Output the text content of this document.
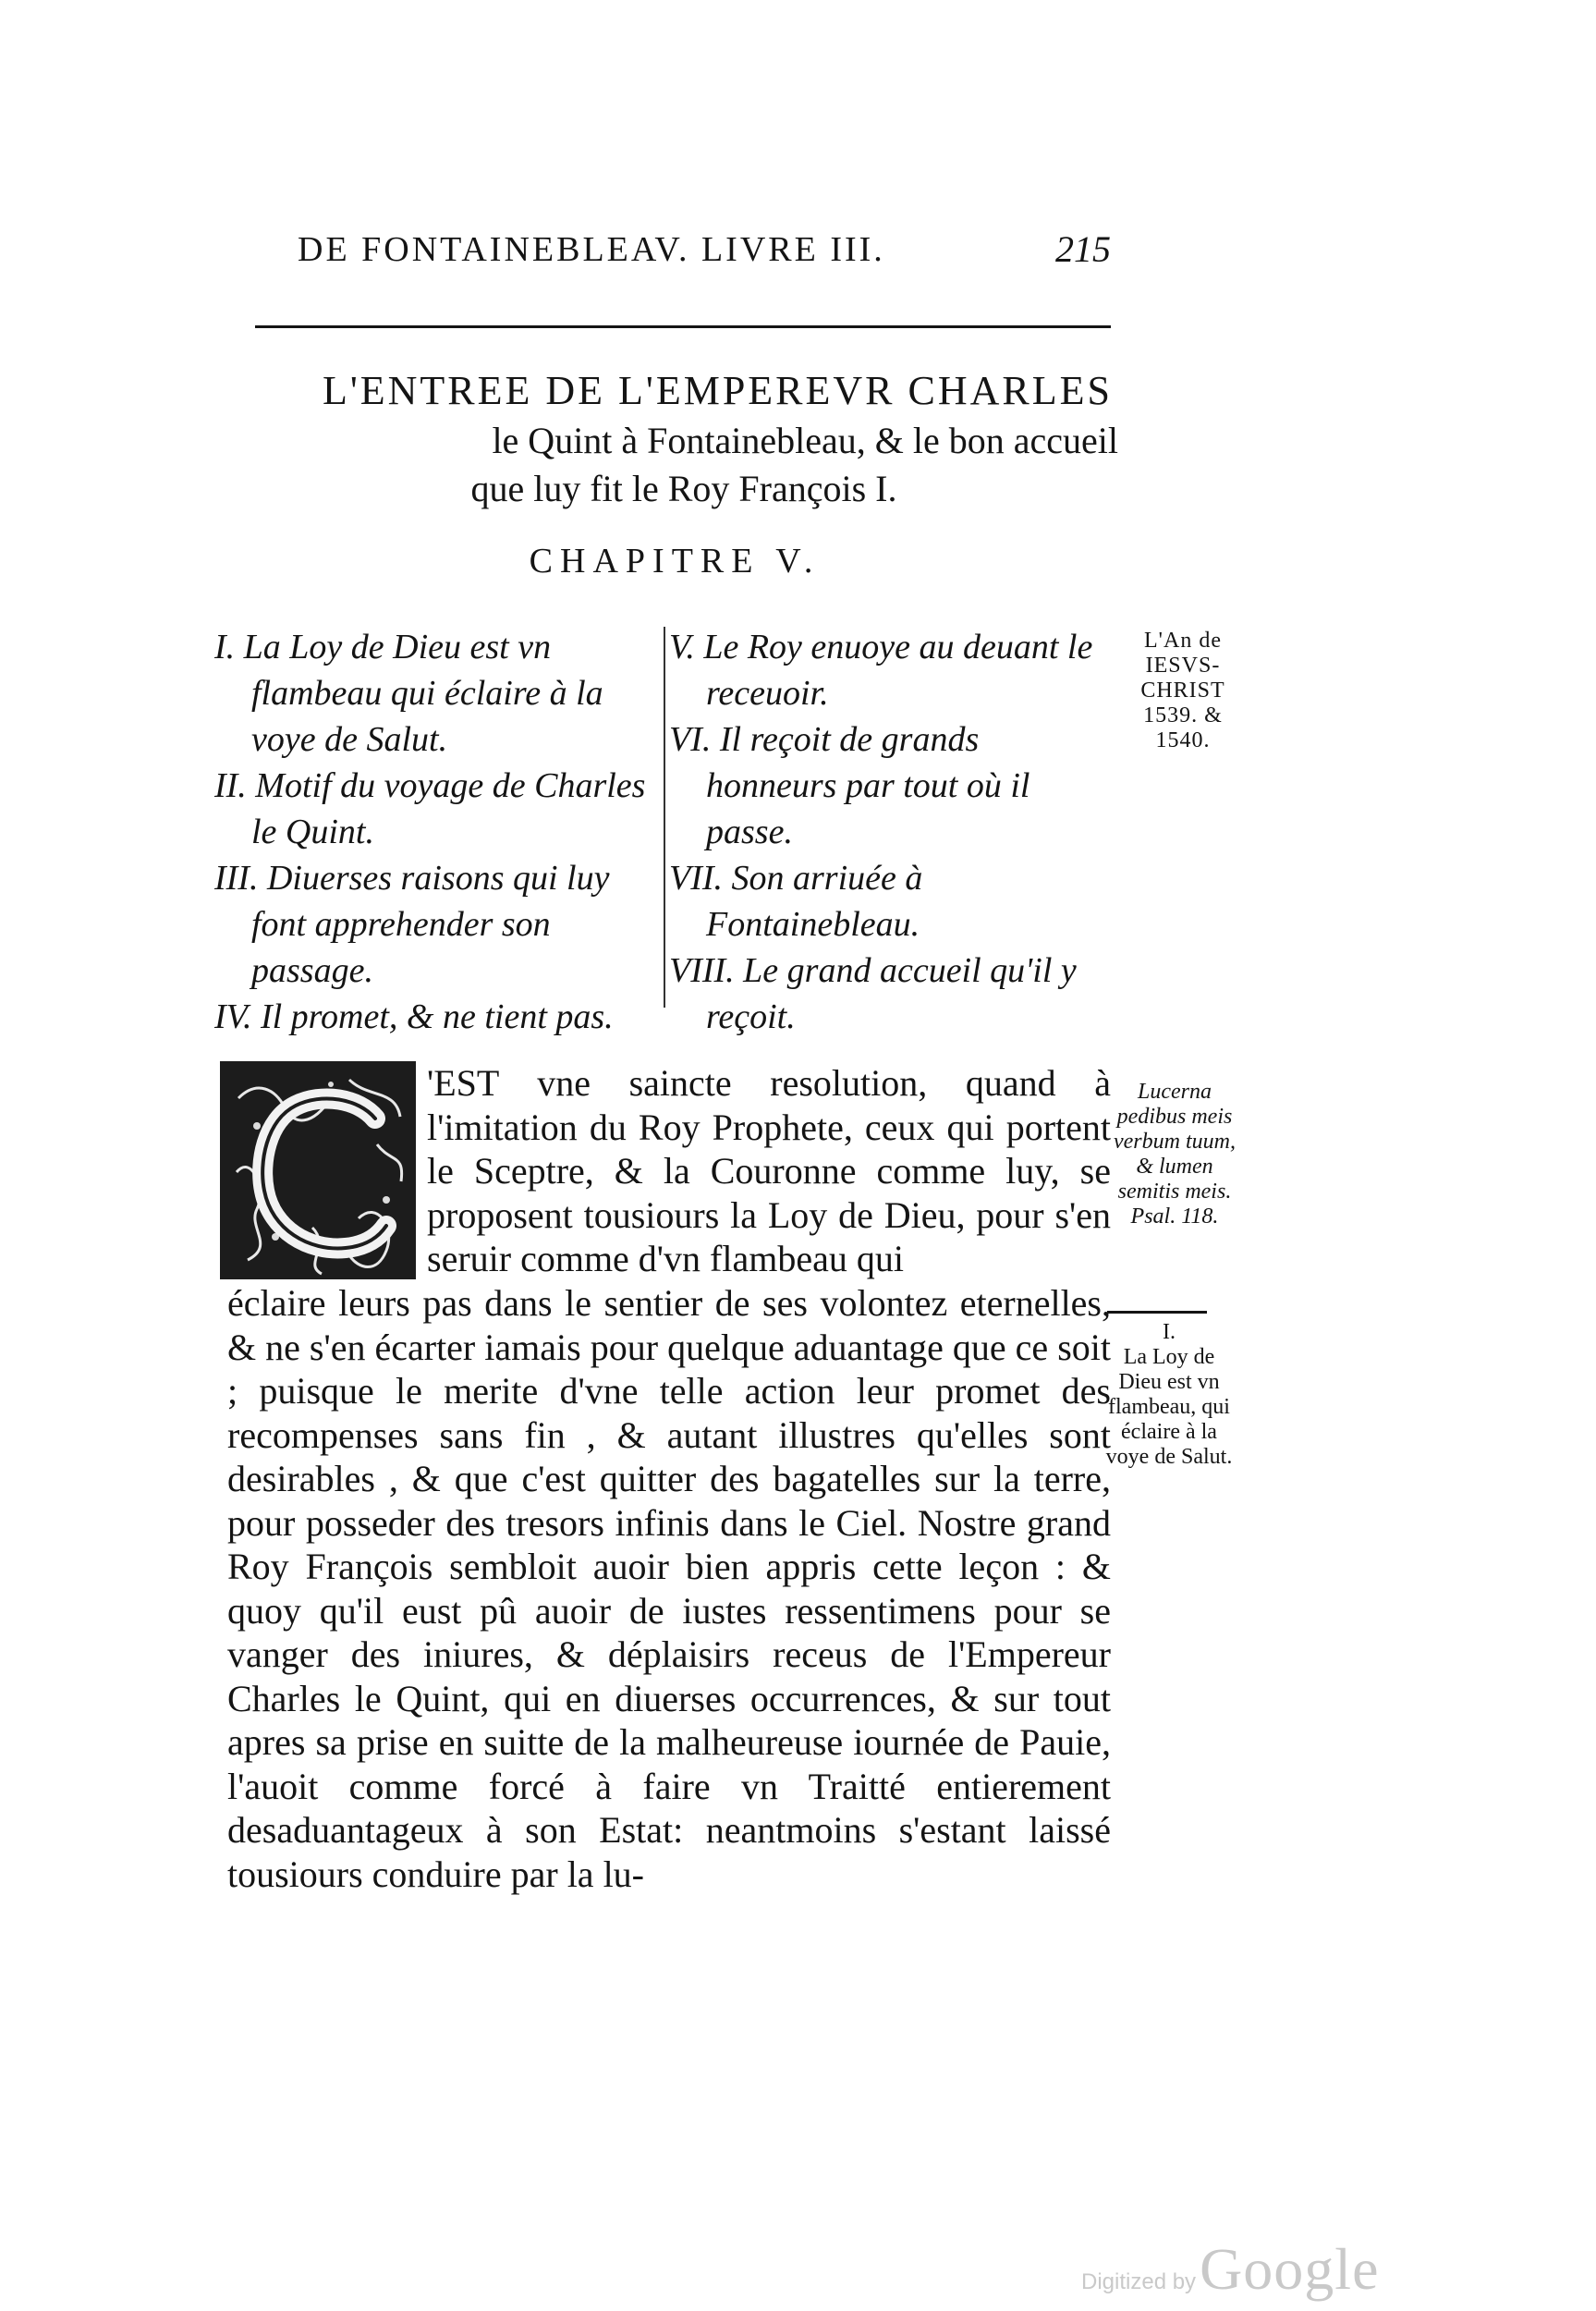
DE FONTAINEBLEAV. LIVRE III.	215
L'ENTREE DE L'EMPEREVR CHARLES
le Quint à Fontainebleau, & le bon accueil
que luy fit le Roy François I.
CHAPITRE V.

I. La Loy de Dieu est vn flambeau qui éclaire à la voye de Salut.

II. Motif du voyage de Charles le Quint.

III. Diuerses raisons qui luy font apprehender son passage.

IV. Il promet, & ne tient pas.

V. Le Roy enuoye au deuant le receuoir.

VI. Il reçoit de grands honneurs par tout où il passe.

VII. Son arriuée à Fontainebleau.

VIII. Le grand accueil qu'il y reçoit.

L'An de IESVS-CHRIST 1539. & 1540.
Lucerna pedibus meis verbum tuum, & lumen semitis meis. Psal. 118.
I.
La Loy de Dieu est vn flambeau, qui éclaire à la voye de Salut.

'EST vne saincte resolution, quand à l'imitation du Roy Prophete, ceux qui portent le Sceptre, & la Couronne comme luy, se proposent tousiours la Loy de Dieu, pour s'en seruir comme d'vn flambeau qui

éclaire leurs pas dans le sentier de ses volontez eternelles, & ne s'en écarter iamais pour quelque aduantage que ce soit ; puisque le merite d'vne telle action leur promet des recompenses sans fin , & autant illustres qu'elles sont desirables , & que c'est quitter des bagatelles sur la terre, pour posseder des tresors infinis dans le Ciel. Nostre grand Roy François sembloit auoir bien appris cette leçon : & quoy qu'il eust pû auoir de iustes ressentimens pour se vanger des iniures, & déplaisirs receus de l'Empereur Charles le Quint, qui en diuerses occurrences, & sur tout apres sa prise en suitte de la malheureuse iournée de Pauie, l'auoit comme forcé à faire vn Traitté entierement desaduantageux à son Estat: neantmoins s'estant laissé tousiours conduire par la lu-

Digitized by Google
